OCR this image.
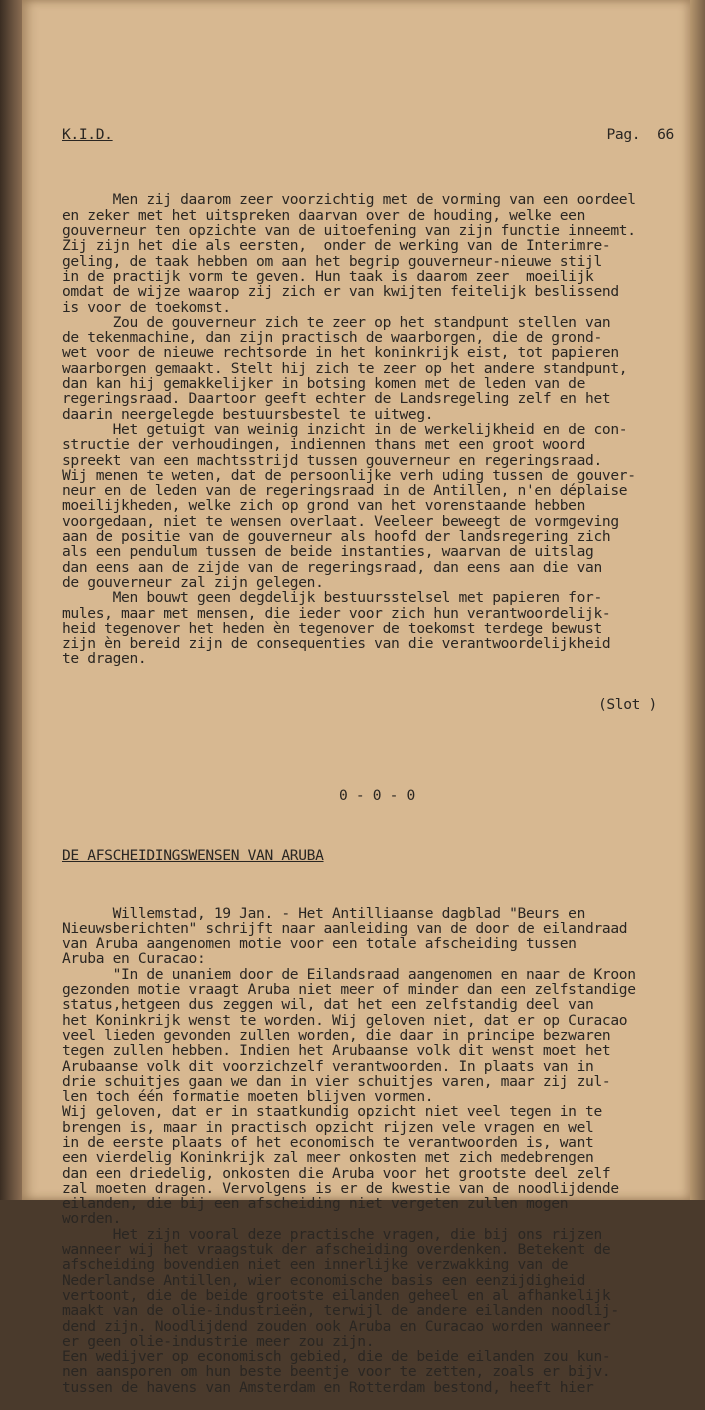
K.I.D.	Pag.  66

Men zij daarom zeer voorzichtig met de vorming van een oordeel
en zeker met het uitspreken daarvan over de houding, welke een
gouverneur ten opzichte van de uitoefening van zijn functie inneemt.
Zij zijn het die als eersten,  onder de werking van de Interimre-
geling, de taak hebben om aan het begrip gouverneur-nieuwe stijl
in de practijk vorm te geven. Hun taak is daarom zeer  moeilijk
omdat de wijze waarop zij zich er van kwijten feitelijk beslissend
is voor de toekomst.
Zou de gouverneur zich te zeer op het standpunt stellen van
de tekenmachine, dan zijn practisch de waarborgen, die de grond-
wet voor de nieuwe rechtsorde in het koninkrijk eist, tot papieren
waarborgen gemaakt. Stelt hij zich te zeer op het andere standpunt,
dan kan hij gemakkelijker in botsing komen met de leden van de
regeringsraad. Daartoor geeft echter de Landsregeling zelf en het
daarin neergelegde bestuursbestel te uitweg.
Het getuigt van weinig inzicht in de werkelijkheid en de con-
structie der verhoudingen, indiennen thans met een groot woord
spreekt van een machtsstrijd tussen gouverneur en regeringsraad.
Wij menen te weten, dat de persoonlijke verh uding tussen de gouver-
neur en de leden van de regeringsraad in de Antillen, n'en déplaise
moeilijkheden, welke zich op grond van het vorenstaande hebben
voorgedaan, niet te wensen overlaat. Veeleer beweegt de vormgeving
aan de positie van de gouverneur als hoofd der landsregering zich
als een pendulum tussen de beide instanties, waarvan de uitslag
dan eens aan de zijde van de regeringsraad, dan eens aan die van
de gouverneur zal zijn gelegen.
Men bouwt geen degdelijk bestuursstelsel met papieren for-
mules, maar met mensen, die ieder voor zich hun verantwoordelijk-
heid tegenover het heden èn tegenover de toekomst terdege bewust
zijn èn bereid zijn de consequenties van die verantwoordelijkheid
te dragen.

(Slot )

0 - 0 - 0

DE AFSCHEIDINGSWENSEN VAN ARUBA

Willemstad, 19 Jan. - Het Antilliaanse dagblad "Beurs en
Nieuwsberichten" schrijft naar aanleiding van de door de eilandraad
van Aruba aangenomen motie voor een totale afscheiding tussen
Aruba en Curacao:
"In de unaniem door de Eilandsraad aangenomen en naar de Kroon
gezonden motie vraagt Aruba niet meer of minder dan een zelfstandige
status,hetgeen dus zeggen wil, dat het een zelfstandig deel van
het Koninkrijk wenst te worden. Wij geloven niet, dat er op Curacao
veel lieden gevonden zullen worden, die daar in principe bezwaren
tegen zullen hebben. Indien het Arubaanse volk dit wenst moet het
Arubaanse volk dit voorzichzelf verantwoorden. In plaats van in
drie schuitjes gaan we dan in vier schuitjes varen, maar zij zul-
len toch één formatie moeten blijven vormen.
Wij geloven, dat er in staatkundig opzicht niet veel tegen in te
brengen is, maar in practisch opzicht rijzen vele vragen en wel
in de eerste plaats of het economisch te verantwoorden is, want
een vierdelig Koninkrijk zal meer onkosten met zich medebrengen
dan een driedelig, onkosten die Aruba voor het grootste deel zelf
zal moeten dragen. Vervolgens is er de kwestie van de noodlijdende
eilanden, die bij een afscheiding niet vergeten zullen mogen
worden.
Het zijn vooral deze practische vragen, die bij ons rijzen
wanneer wij het vraagstuk der afscheiding overdenken. Betekent de
afscheiding bovendien niet een innerlijke verzwakking van de
Nederlandse Antillen, wier economische basis een eenzijdigheid
vertoont, die de beide grootste eilanden geheel en al afhankelijk
maakt van de olie-industrieën, terwijl de andere eilanden noodlij-
dend zijn. Noodlijdend zouden ook Aruba en Curacao worden wanneer
er geen olie-industrie meer zou zijn.
Een wedijver op economisch gebied, die de beide eilanden zou kun-
nen aansporen om hun beste beentje voor te zetten, zoals er bijv.
tussen de havens van Amsterdam en Rotterdam bestond, heeft hier
